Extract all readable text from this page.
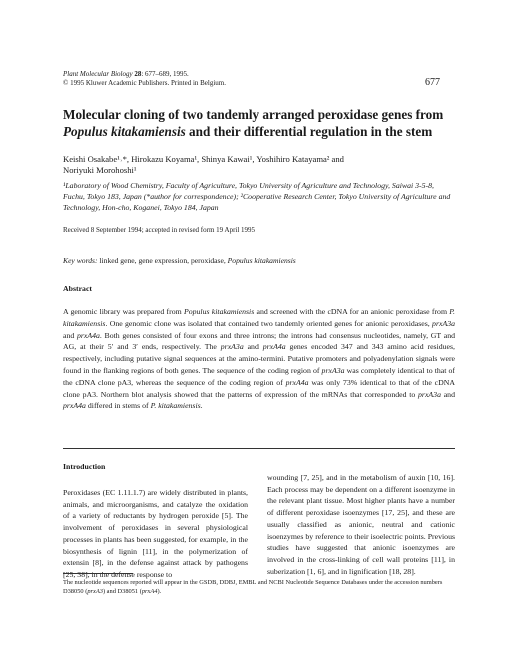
Plant Molecular Biology 28: 677–689, 1995.
© 1995 Kluwer Academic Publishers. Printed in Belgium.	677
Molecular cloning of two tandemly arranged peroxidase genes from Populus kitakamiensis and their differential regulation in the stem
Keishi Osakabe¹˒*, Hirokazu Koyama¹, Shinya Kawai¹, Yoshihiro Katayama² and
Noriyuki Morohoshi¹
¹Laboratory of Wood Chemistry, Faculty of Agriculture, Tokyo University of Agriculture and Technology, Saiwai 3-5-8, Fuchu, Tokyo 183, Japan (*author for correspondence); ²Cooperative Research Center, Tokyo University of Agriculture and Technology, Hon-cho, Koganei, Tokyo 184, Japan
Received 8 September 1994; accepted in revised form 19 April 1995
Key words: linked gene, gene expression, peroxidase, Populus kitakamiensis
Abstract

A genomic library was prepared from Populus kitakamiensis and screened with the cDNA for an anionic peroxidase from P. kitakamiensis. One genomic clone was isolated that contained two tandemly oriented genes for anionic peroxidases, prxA3a and prxA4a. Both genes consisted of four exons and three introns; the introns had consensus nucleotides, namely, GT and AG, at their 5′ and 3′ ends, respectively. The prxA3a and prxA4a genes encoded 347 and 343 amino acid residues, respectively, including putative signal sequences at the amino-termini. Putative promoters and polyadenylation signals were found in the flanking regions of both genes. The sequence of the coding region of prxA3a was completely identical to that of the cDNA clone pA3, whereas the sequence of the coding region of prxA4a was only 73% identical to that of the cDNA clone pA3. Northern blot analysis showed that the patterns of expression of the mRNAs that corresponded to prxA3a and prxA4a differed in stems of P. kitakamiensis.

Introduction

Peroxidases (EC 1.11.1.7) are widely distributed in plants, animals, and microorganisms, and catalyze the oxidation of a variety of reductants by hydrogen peroxide [5]. The involvement of peroxidases in several physiological processes in plants has been suggested, for example, in the biosynthesis of lignin [11], in the polymerization of extensin [8], in the defense against attack by pathogens [25, 38], in the defense response to

wounding [7, 25], and in the metabolism of auxin [10, 16]. Each process may be dependent on a different isoenzyme in the relevant plant tissue. Most higher plants have a number of different peroxidase isoenzymes [17, 25], and these are usually classified as anionic, neutral and cationic isoenzymes by reference to their isoelectric points. Previous studies have suggested that anionic isoenzymes are involved in the cross-linking of cell wall proteins [11], in suberization [1, 6], and in lignification [18, 28].

The nucleotide sequences reported will appear in the GSDB, DDBJ, EMBL and NCBI Nucleotide Sequence Databases under the accession numbers D38050 (prxA3) and D38051 (prxA4).
